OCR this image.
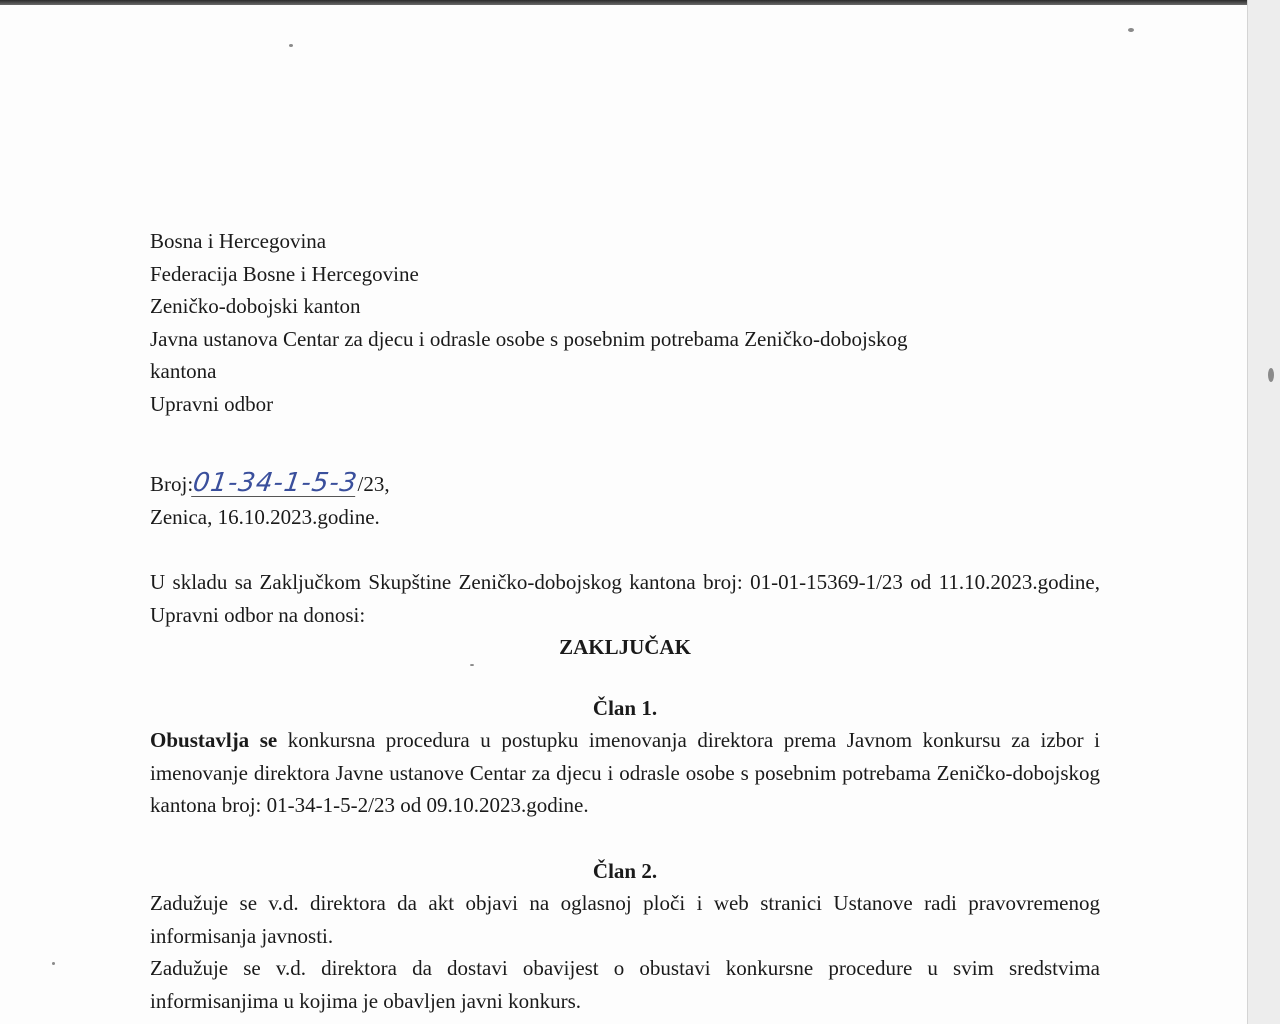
Bosna i Hercegovina
Federacija Bosne i Hercegovine
Zeničko-dobojski kanton
Javna ustanova Centar za djecu i odrasle osobe s posebnim potrebama Zeničko-dobojskog
kantona
Upravni odbor
Broj:01-34-1-5-3/23,
Zenica, 16.10.2023.godine.
U skladu sa Zaključkom Skupštine Zeničko-dobojskog kantona broj: 01-01-15369-1/23 od 11.10.2023.godine, Upravni odbor na donosi:
ZAKLJUČAK
Član 1.
Obustavlja se konkursna procedura u postupku imenovanja direktora prema Javnom konkursu za izbor i imenovanje direktora Javne ustanove Centar za djecu i odrasle osobe s posebnim potrebama Zeničko-dobojskog kantona broj: 01-34-1-5-2/23 od 09.10.2023.godine.
Član 2.
Zadužuje se v.d. direktora da akt objavi na oglasnoj ploči i web stranici Ustanove radi pravovremenog informisanja javnosti.
Zadužuje se v.d. direktora da dostavi obavijest o obustavi konkursne procedure u svim sredstvima informisanjima u kojima je obavljen javni konkurs.
